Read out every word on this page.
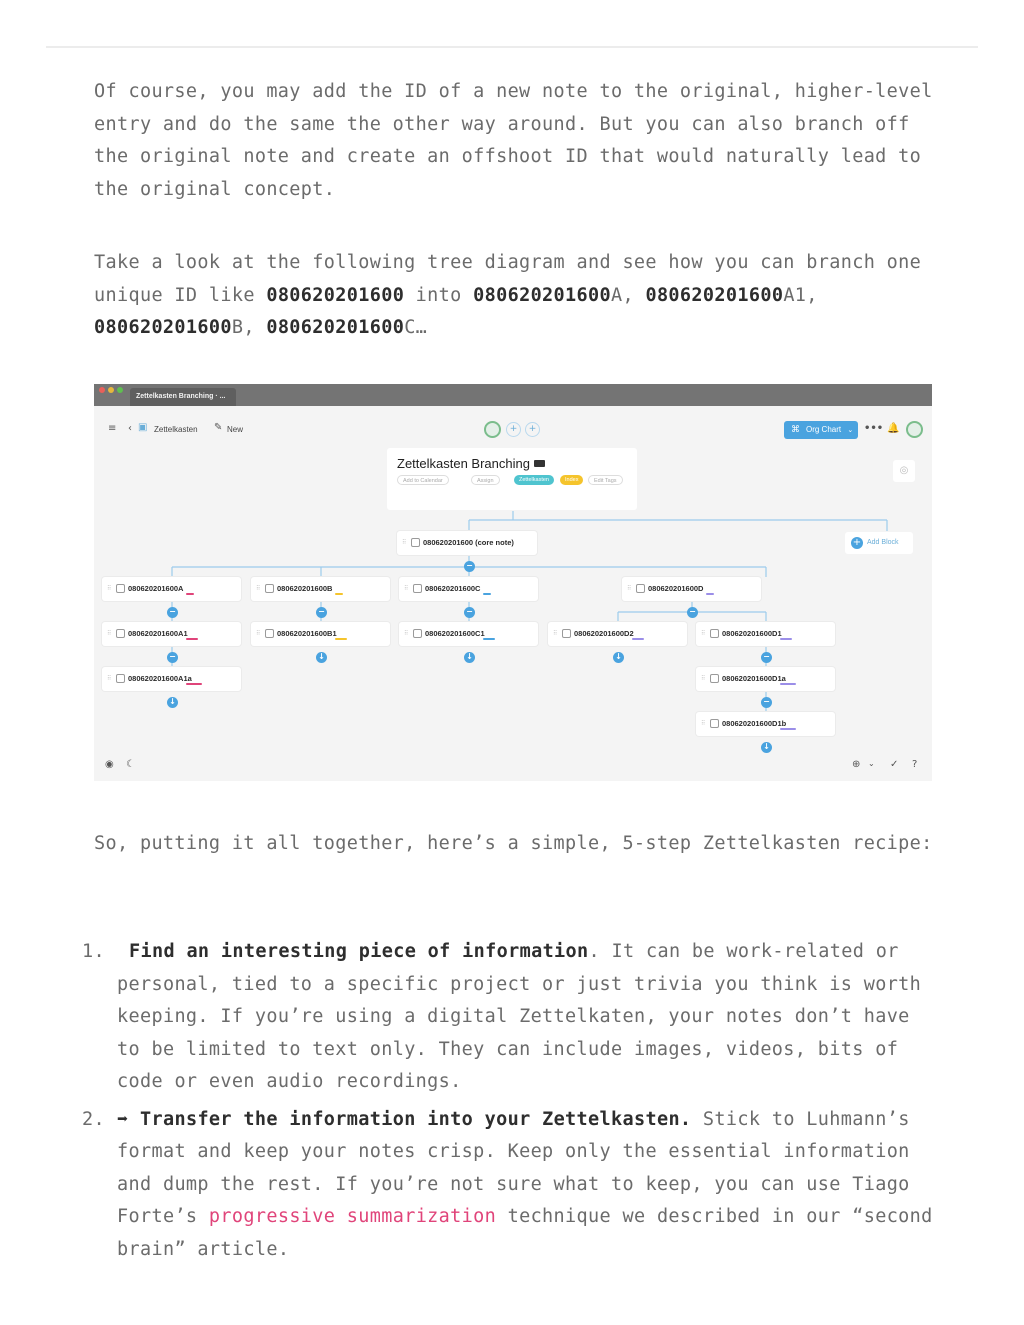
Of course, you may add the ID of a new note to the original, higher-level entry and do the same the other way around. But you can also branch off the original note and create an offshoot ID that would naturally lead to the original concept.

Take a look at the following tree diagram and see how you can branch one unique ID like 080620201600 into 080620201600A, 080620201600A1,
080620201600B, 080620201600C…

Zettelkasten Branching · ...
≡ ‹ ▣ Zettelkasten ✎ New	+	+	⌘ Org Chart ⌄	••• 🔔
Zettelkasten Branching
Add to Calendar	Assign	Zettelkasten	Index	Edit Tags
◎
+ Add Block
⠿ 080620201600 (core note)
−
⠿ 080620201600A	⠿ 080620201600B	⠿ 080620201600C	⠿ 080620201600D
−	−	−	−
⠿ 080620201600A1	⠿ 080620201600B1	⠿ 080620201600C1	⠿ 080620201600D2	⠿ 080620201600D1
−	↓	↓	↓	−
⠿ 080620201600A1a	⠿ 080620201600D1a
↓	−
⠿ 080620201600D1b
↓
◉ ☾	⊕ ⌄ ✓ ?

So, putting it all together, here’s a simple, 5-step Zettelkasten recipe:

1. Find an interesting piece of information. It can be work-related or personal, tied to a specific project or just trivia you think is worth keeping. If you’re using a digital Zettelkaten, your notes don’t have to be limited to text only. They can include images, videos, bits of code or even audio recordings.
2. ➡ Transfer the information into your Zettelkasten. Stick to Luhmann’s format and keep your notes crisp. Keep only the essential information and dump the rest. If you’re not sure what to keep, you can use Tiago Forte’s progressive summarization technique we described in our “second brain” article.
